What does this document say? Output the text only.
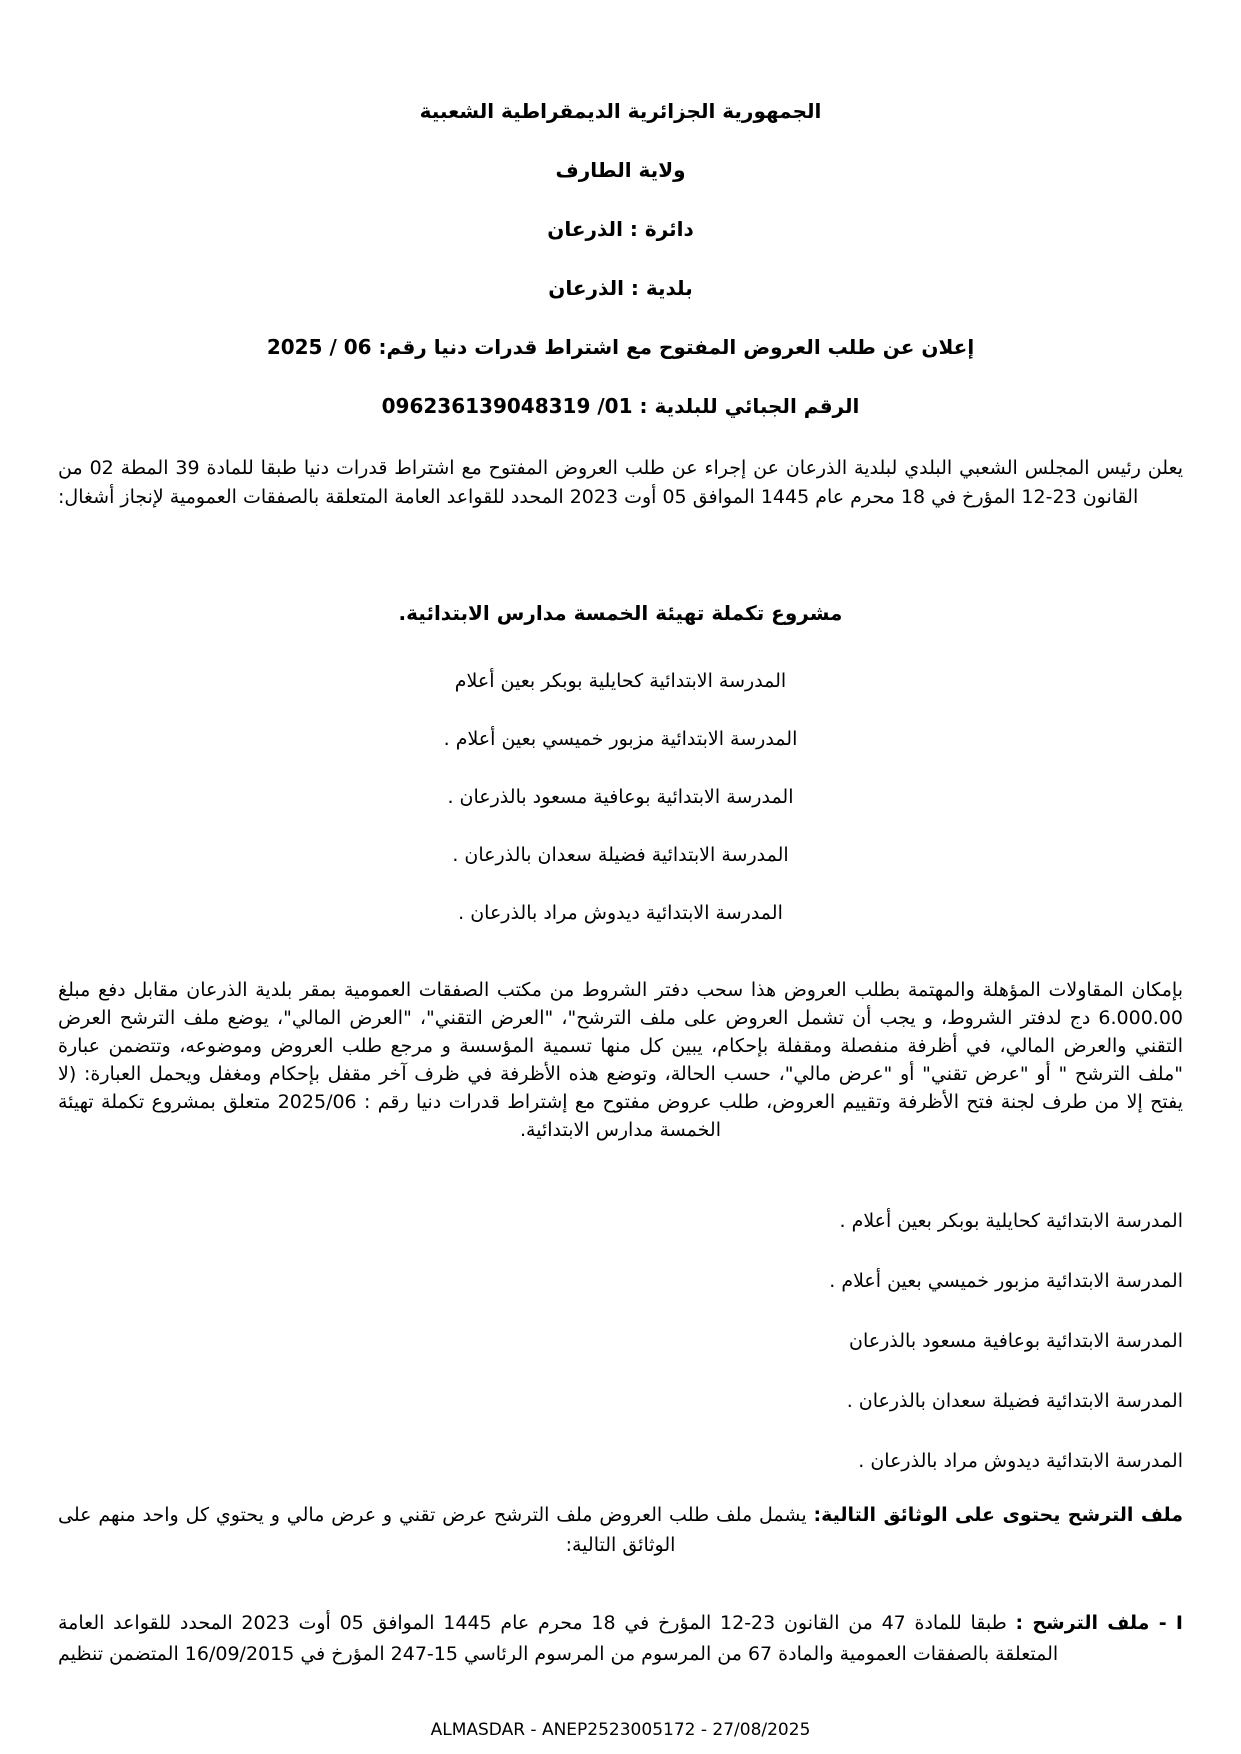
الجمهورية الجزائرية الديمقراطية الشعبية
ولاية الطارف
دائرة : الذرعان
بلدية : الذرعان
إعلان عن طلب العروض المفتوح مع اشتراط قدرات دنيا رقم: 06 / 2025
الرقم الجبائي للبلدية : 01/ 096236139048319

يعلن رئيس المجلس الشعبي البلدي لبلدية الذرعان عن إجراء عن طلب العروض المفتوح مع اشتراط قدرات دنيا طبقا للمادة 39 المطة 02 من القانون 23-12 المؤرخ في 18 محرم عام 1445 الموافق 05 أوت 2023 المحدد للقواعد العامة المتعلقة بالصفقات العمومية لإنجاز أشغال:

مشروع تكملة تهيئة الخمسة مدارس الابتدائية.
المدرسة الابتدائية كحايلية بوبكر بعين أعلام
المدرسة الابتدائية مزبور خميسي بعين أعلام .
المدرسة الابتدائية بوعافية مسعود بالذرعان .
المدرسة الابتدائية فضيلة سعدان بالذرعان .
المدرسة الابتدائية ديدوش مراد بالذرعان .

بإمكان المقاولات المؤهلة والمهتمة بطلب العروض هذا سحب دفتر الشروط من مكتب الصفقات العمومية بمقر بلدية الذرعان مقابل دفع مبلغ 6.000.00 دج لدفتر الشروط، و يجب أن تشمل العروض على ملف الترشح"، "العرض التقني"، "العرض المالي"، يوضع ملف الترشح العرض التقني والعرض المالي، في أظرفة منفصلة ومقفلة بإحكام، يبين كل منها تسمية المؤسسة و مرجع طلب العروض وموضوعه، وتتضمن عبارة "ملف الترشح " أو "عرض تقني" أو "عرض مالي"، حسب الحالة، وتوضع هذه الأظرفة في ظرف آخر مقفل بإحكام ومغفل ويحمل العبارة: (لا يفتح إلا من طرف لجنة فتح الأظرفة وتقييم العروض، طلب عروض مفتوح مع إشتراط قدرات دنيا رقم : 2025/06 متعلق بمشروع تكملة تهيئة الخمسة مدارس الابتدائية.

المدرسة الابتدائية كحايلية بوبكر بعين أعلام .
المدرسة الابتدائية مزبور خميسي بعين أعلام .
المدرسة الابتدائية بوعافية مسعود بالذرعان
المدرسة الابتدائية فضيلة سعدان بالذرعان .
المدرسة الابتدائية ديدوش مراد بالذرعان .

ملف الترشح يحتوى على الوثائق التالية: يشمل ملف طلب العروض ملف الترشح عرض تقني و عرض مالي و يحتوي كل واحد منهم على الوثائق التالية:

I - ملف الترشح : طبقا للمادة 47 من القانون 23-12 المؤرخ في 18 محرم عام 1445 الموافق 05 أوت 2023 المحدد للقواعد العامة المتعلقة بالصفقات العمومية والمادة 67 من المرسوم من المرسوم الرئاسي 15-247 المؤرخ في 16/09/2015 المتضمن تنظيم

ALMASDAR - ANEP2523005172 - 27/08/2025
